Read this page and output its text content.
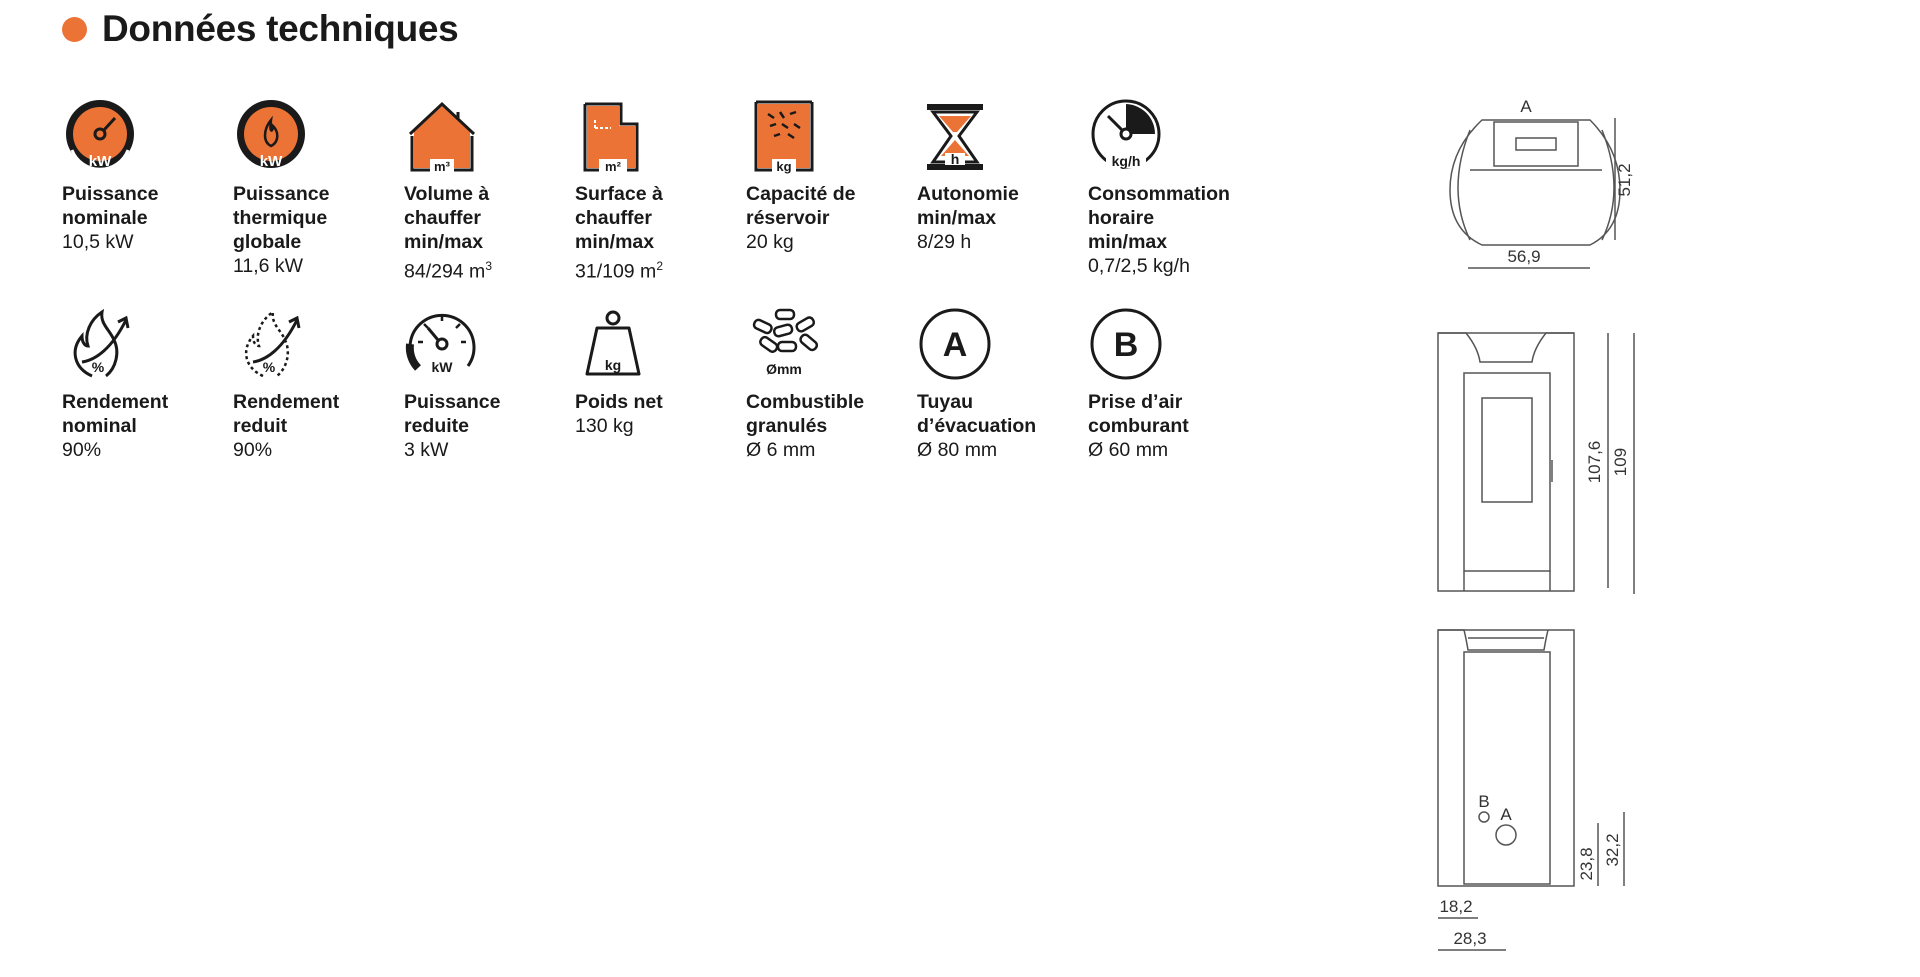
Données techniques
kW
Puissance
nominale
10,5 kW
kW
Puissance
thermique
globale
11,6 kW
m³
Volume à
chauffer
min/max
84/294 $m^3$
m²
Surface à
chauffer
min/max
31/109 $m^2$
kg
Capacité de
réservoir
20 kg
h
Autonomie
min/max
8/29 h
kg/h
Consommation
horaire
min/max
0,7/2,5 kg/h
%
Rendement
nominal
90%
%
Rendement
reduit
90%
kW
Puissance
reduite
3 kW
kg
Poids net
130 kg
Ømm
Combustible
granulés
Ø 6 mm
A
Tuyau
d’évacuation
Ø 80 mm
B
Prise d’air
comburant
Ø 60 mm
A
51,2
56,9
107,6 109
B
A
23,8 32,2
18,2
28,3
